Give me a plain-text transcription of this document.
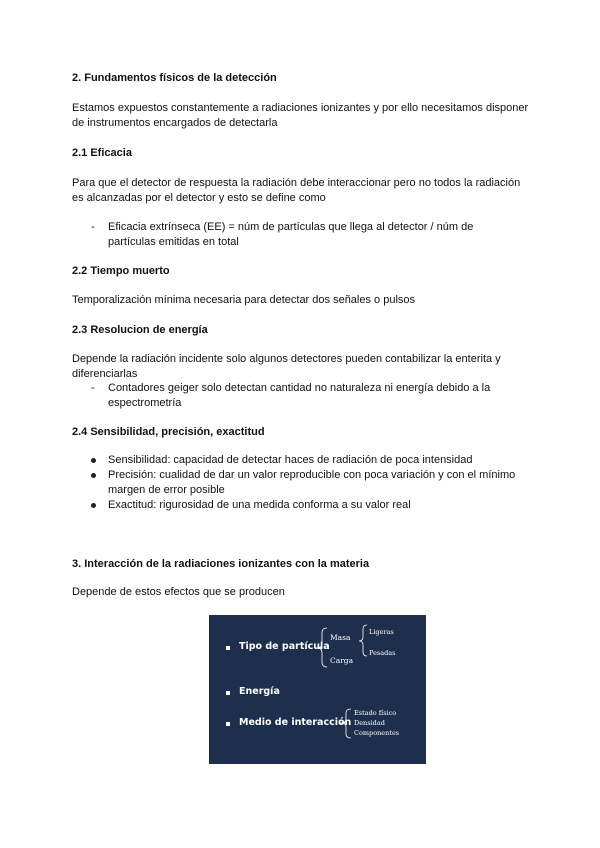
2. Fundamentos físicos de la detección
Estamos expuestos constantemente a radiaciones ionizantes y por ello necesitamos disponer de instrumentos encargados de detectarla
2.1 Eficacia
Para que el detector de respuesta la radiación debe interaccionar pero no todos la radiación es alcanzadas por el detector y esto se define como
- Eficacia extrínseca (EE) = núm de partículas que llega al detector / núm de partículas emitidas en total
2.2 Tiempo muerto
Temporalización mínima necesaria para detectar dos señales o pulsos
2.3 Resolucion de energía
Depende la radiación incidente solo algunos detectores pueden contabilizar la enterita y diferenciarlas
- Contadores geiger solo detectan cantidad no naturaleza ni energía debido a la espectrometría
2.4 Sensibilidad, precisión, exactitud
Sensibilidad: capacidad de detectar haces de radiación de poca intensidad
Precisión: cualidad de dar un valor reproducible con poca variación y con el mínimo margen de error posible
Exactitud: rigurosidad de una medida conforma a su valor real
3. Interacción de la radiaciones ionizantes con la materia
Depende de estos efectos que se producen
Tipo de partícula
Masa
Carga
Ligeras
Pesadas
Energía
Medio de interacción
Estado físico
Densidad
Componentes
